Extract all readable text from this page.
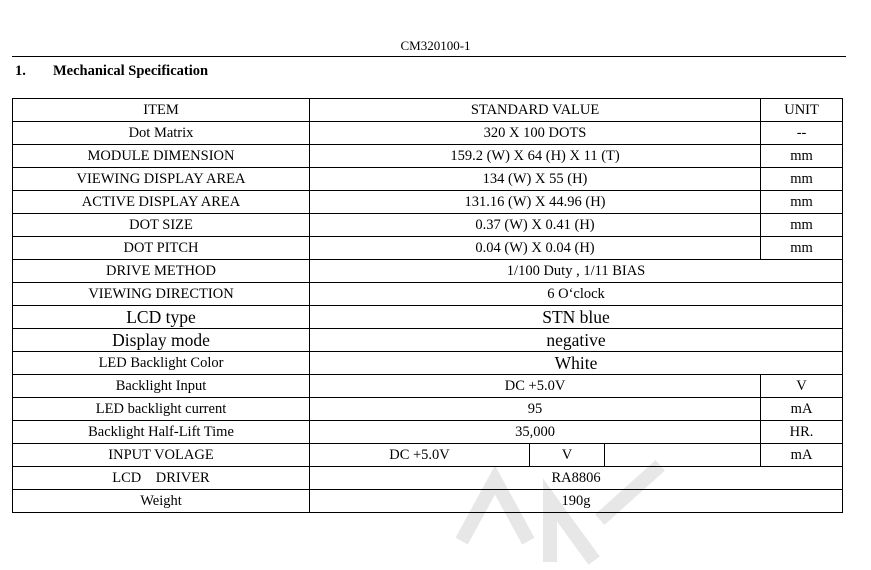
CM320100-1
1. Mechanical Specification
ITEM	STANDARD VALUE			UNIT
Dot Matrix	320 X 100 DOTS			--
MODULE DIMENSION	159.2 (W) X 64 (H) X 11 (T)			mm
VIEWING DISPLAY AREA	134 (W) X 55 (H)			mm
ACTIVE DISPLAY AREA	131.16 (W) X 44.96 (H)			mm
DOT SIZE	0.37 (W) X 0.41 (H)			mm
DOT PITCH	0.04 (W) X 0.04 (H)			mm
DRIVE METHOD	1/100 Duty , 1/11 BIAS			
VIEWING DIRECTION	6 O‘clock			
LCD type	STN blue			
Display mode	negative			
LED Backlight Color	White			
Backlight Input	DC +5.0V			V
LED backlight current	95			mA
Backlight Half-Lift Time	35,000			HR.
INPUT VOLAGE	DC +5.0V	V		mA
LCD    DRIVER	RA8806			
Weight	190g			
